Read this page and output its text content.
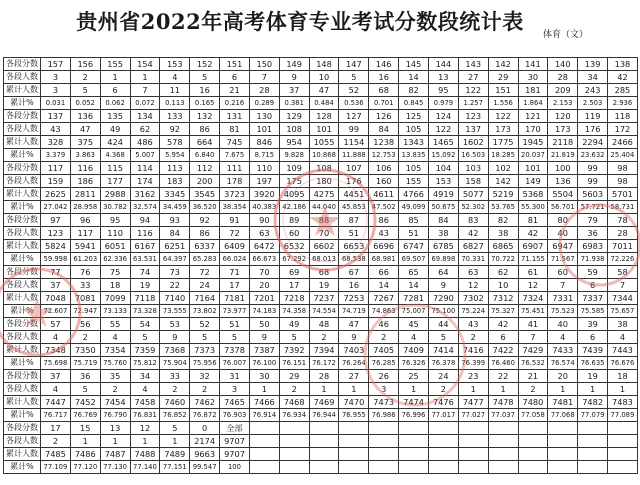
贵州省2022年高考体育专业考试分数段统计表
体育（文）
各段分数	157	156	155	154	153	152	151	150	149	148	147	146	145	144	143	142	141	140	139	138
各段人数	3	2	1	1	4	5	6	7	9	10	5	16	14	13	27	29	30	28	34	42
累计人数	3	5	6	7	11	16	21	28	37	47	52	68	82	95	122	151	181	209	243	285
累计%	0.031	0.052	0.062	0.072	0.113	0.165	0.216	0.289	0.381	0.484	0.536	0.701	0.845	0.979	1.257	1.556	1.864	2.153	2.503	2.936
各段分数	137	136	135	134	133	132	131	130	129	128	127	126	125	124	123	122	121	120	119	118
各段人数	43	47	49	62	92	86	81	101	108	101	99	84	105	122	137	173	170	173	176	172
累计人数	328	375	424	486	578	664	745	846	954	1055	1154	1238	1343	1465	1602	1775	1945	2118	2294	2466
累计%	3.379	3.863	4.368	5.007	5.954	6.840	7.675	8.715	9.828	10.868	11.888	12.753	13.835	15.092	16.503	18.285	20.037	21.819	23.632	25.404
各段分数	117	116	115	114	113	112	111	110	109	108	107	106	105	104	103	102	101	100	99	98
各段人数	159	186	177	174	183	200	178	197	175	180	176	160	155	153	158	142	149	136	99	98
累计人数	2625	2811	2988	3162	3345	3545	3723	3920	4095	4275	4451	4611	4766	4919	5077	5219	5368	5504	5603	5701
累计%	27.042	28.958	30.782	32.574	34.459	36.520	38.354	40.383	42.186	44.040	45.853	47.502	49.099	50.675	52.302	53.765	55.300	56.701	57.721	58.731
各段分数	97	96	95	94	93	92	91	90	89	88	87	86	85	84	83	82	81	80	79	78
各段人数	123	117	110	116	84	86	72	63	60	70	51	43	51	38	42	38	42	40	36	28
累计人数	5824	5941	6051	6167	6251	6337	6409	6472	6532	6602	6653	6696	6747	6785	6827	6865	6907	6947	6983	7011
累计%	59.998	61.203	62.336	63.531	64.397	65.283	66.024	66.673	67.292	68.013	68.538	68.981	69.507	69.898	70.331	70.722	71.155	71.567	71.938	72.226
各段分数	77	76	75	74	73	72	71	70	69	68	67	66	65	64	63	62	61	60	59	58
各段人数	37	33	18	19	22	24	17	20	17	19	16	14	14	9	12	10	12	7	6	7
累计人数	7048	7081	7099	7118	7140	7164	7181	7201	7218	7237	7253	7267	7281	7290	7302	7312	7324	7331	7337	7344
累计%	72.607	72.947	73.133	73.328	73.555	73.802	73.977	74.183	74.358	74.554	74.719	74.863	75.007	75.100	75.224	75.327	75.451	75.523	75.585	75.657
各段分数	57	56	55	54	53	52	51	50	49	48	47	46	45	44	43	42	41	40	39	38
各段人数	4	2	4	5	9	5	5	9	5	2	9	2	4	5	2	6	7	4	6	4
累计人数	7348	7350	7354	7359	7368	7373	7378	7387	7392	7394	7403	7405	7409	7414	7416	7422	7429	7433	7439	7443
累计%	75.698	75.719	75.760	75.812	75.904	75.956	76.007	76.100	76.151	76.172	76.264	76.285	76.326	76.378	76.399	76.460	76.532	76.574	76.635	76.676
各段分数	37	36	35	34	33	32	31	30	29	28	27	26	25	24	23	22	21	20	19	18
各段人数	4	5	2	4	2	2	3	1	2	1	1	3	1	2	1	1	2	1	1	1
累计人数	7447	7452	7454	7458	7460	7462	7465	7466	7468	7469	7470	7473	7474	7476	7477	7478	7480	7481	7482	7483
累计%	76.717	76.769	76.790	76.831	76.852	76.872	76.903	76.914	76.934	76.944	76.955	76.986	76.996	77.017	77.027	77.037	77.058	77.068	77.079	77.089
各段分数	17	15	13	12	5	0	全部													
各段人数	2	1	1	1	1	2174	9707													
累计人数	7485	7486	7487	7488	7489	9663	9707													
累计%	77.109	77.120	77.130	77.140	77.151	99.547	100													
